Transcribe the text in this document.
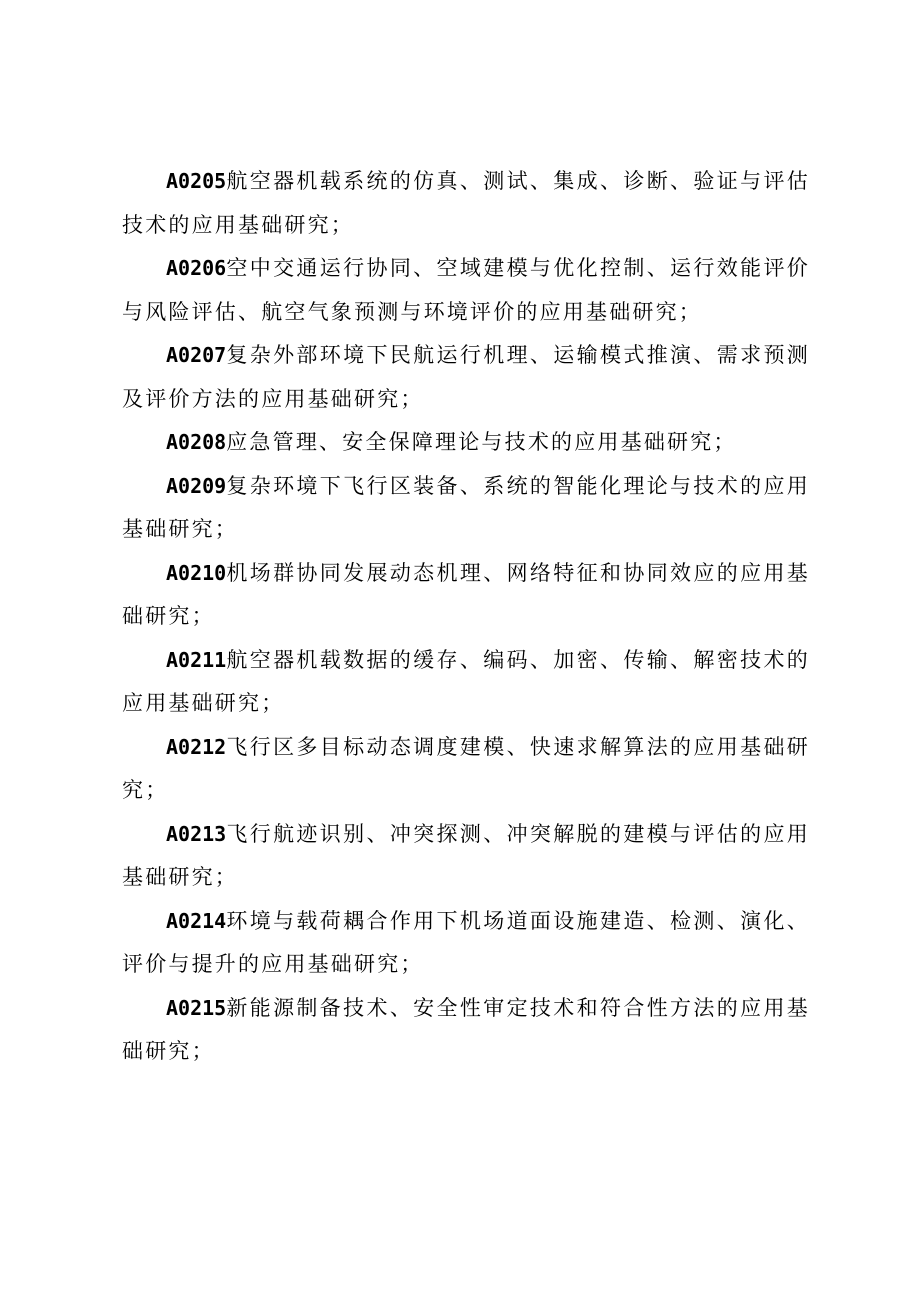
A0205航空器机载系统的仿真、测试、集成、诊断、验证与评估技术的应用基础研究；

A0206空中交通运行协同、空域建模与优化控制、运行效能评价与风险评估、航空气象预测与环境评价的应用基础研究；

A0207复杂外部环境下民航运行机理、运输模式推演、需求预测及评价方法的应用基础研究；

A0208应急管理、安全保障理论与技术的应用基础研究；

A0209复杂环境下飞行区装备、系统的智能化理论与技术的应用基础研究；

A0210机场群协同发展动态机理、网络特征和协同效应的应用基础研究；

A0211航空器机载数据的缓存、编码、加密、传输、解密技术的应用基础研究；

A0212飞行区多目标动态调度建模、快速求解算法的应用基础研究；

A0213飞行航迹识别、冲突探测、冲突解脱的建模与评估的应用基础研究；

A0214环境与载荷耦合作用下机场道面设施建造、检测、演化、评价与提升的应用基础研究；

A0215新能源制备技术、安全性审定技术和符合性方法的应用基础研究；
